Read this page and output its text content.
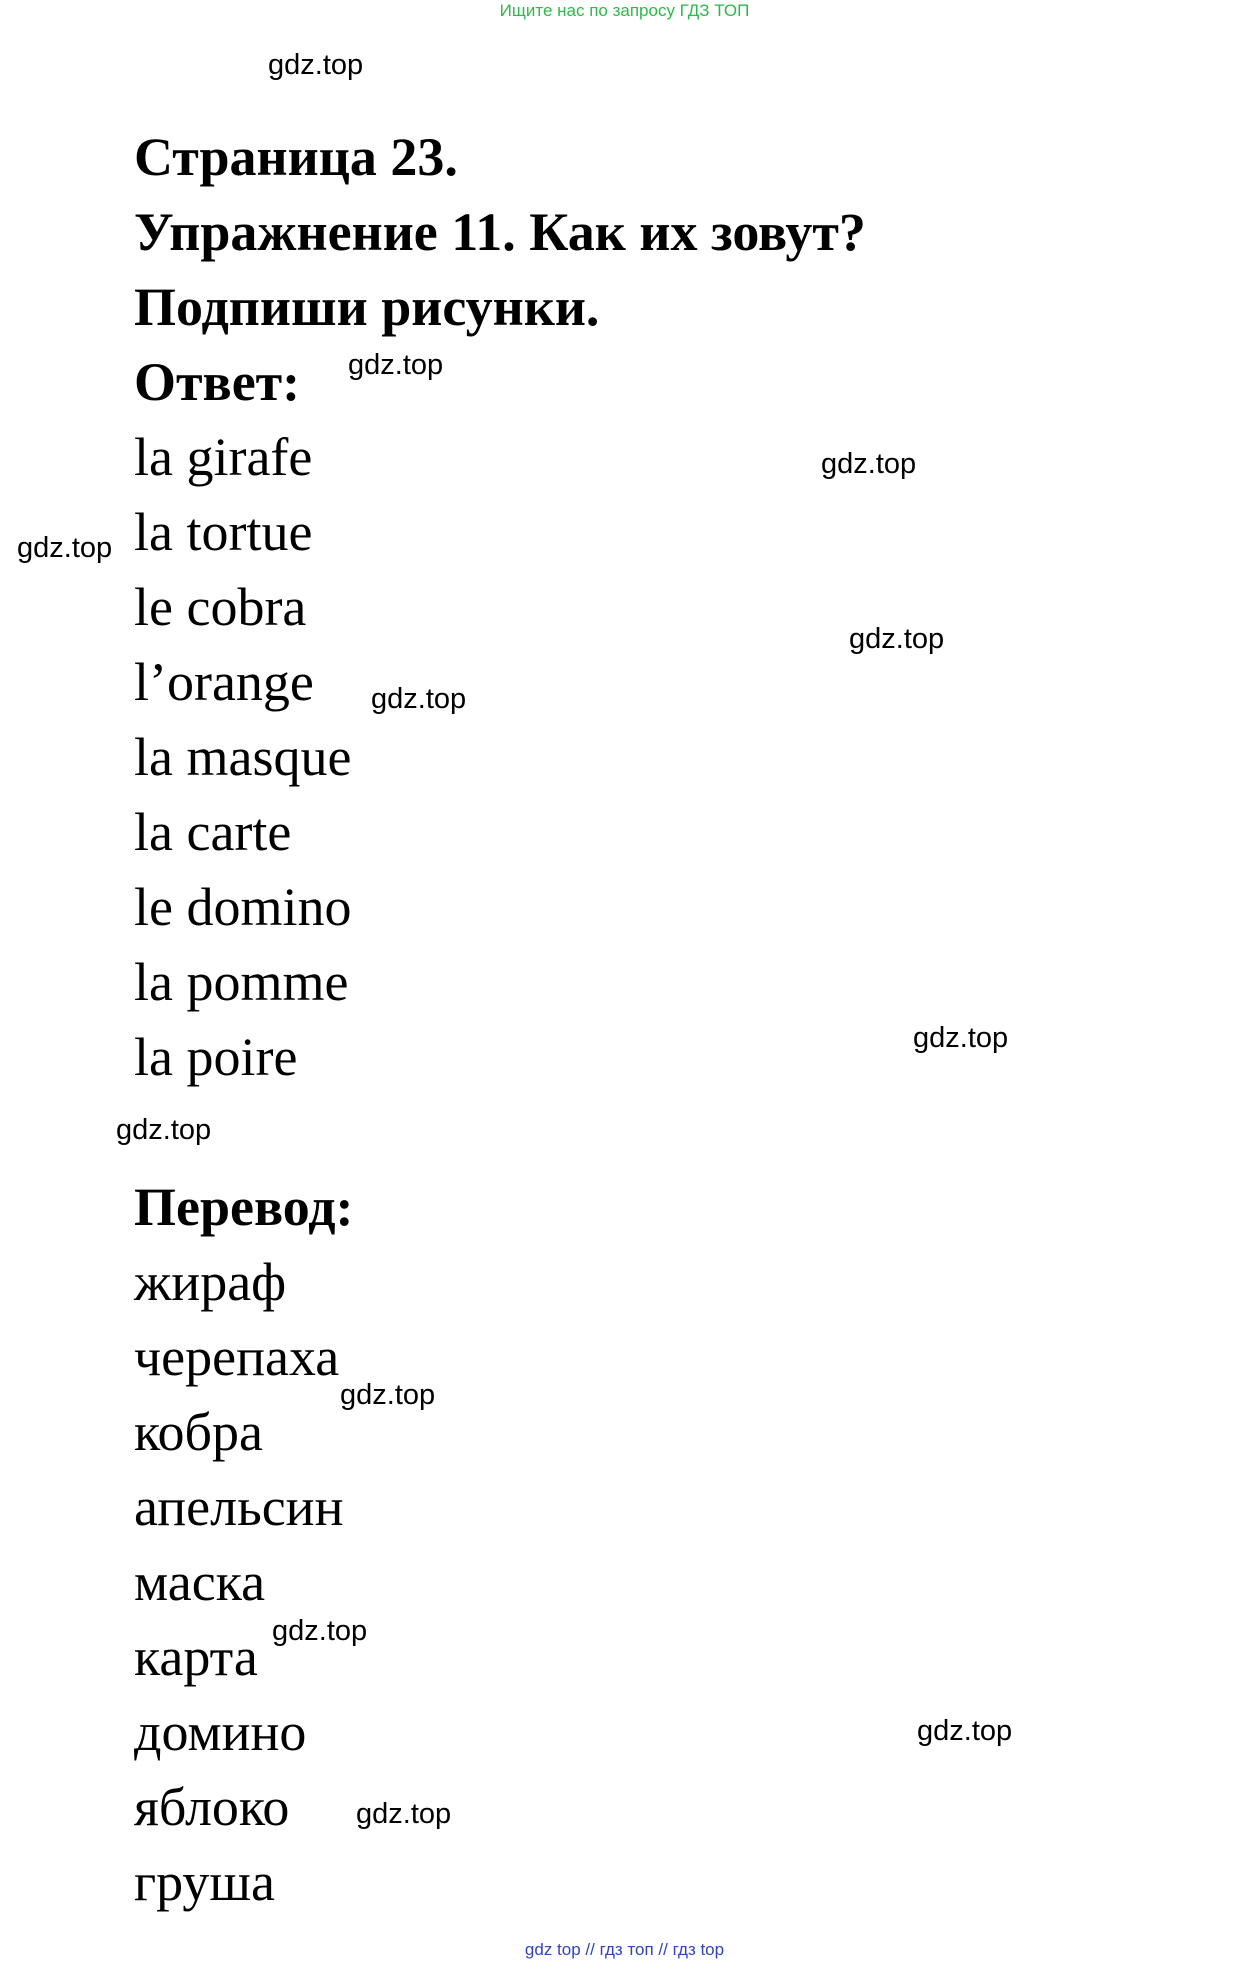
Ищите нас по запросу ГДЗ ТОП
Страница 23.
Упражнение 11. Как их зовут?
Подпиши рисунки.
Ответ:
la girafe
la tortue
le cobra
l’orange
la masque
la carte
le domino
la pomme
la poire
Перевод:
жираф
черепаха
кобра
апельсин
маска
карта
домино
яблоко
груша
gdz.top
gdz.top
gdz.top
gdz.top
gdz.top
gdz.top
gdz.top
gdz.top
gdz.top
gdz.top
gdz.top
gdz.top
gdz top // гдз топ // гдз top
